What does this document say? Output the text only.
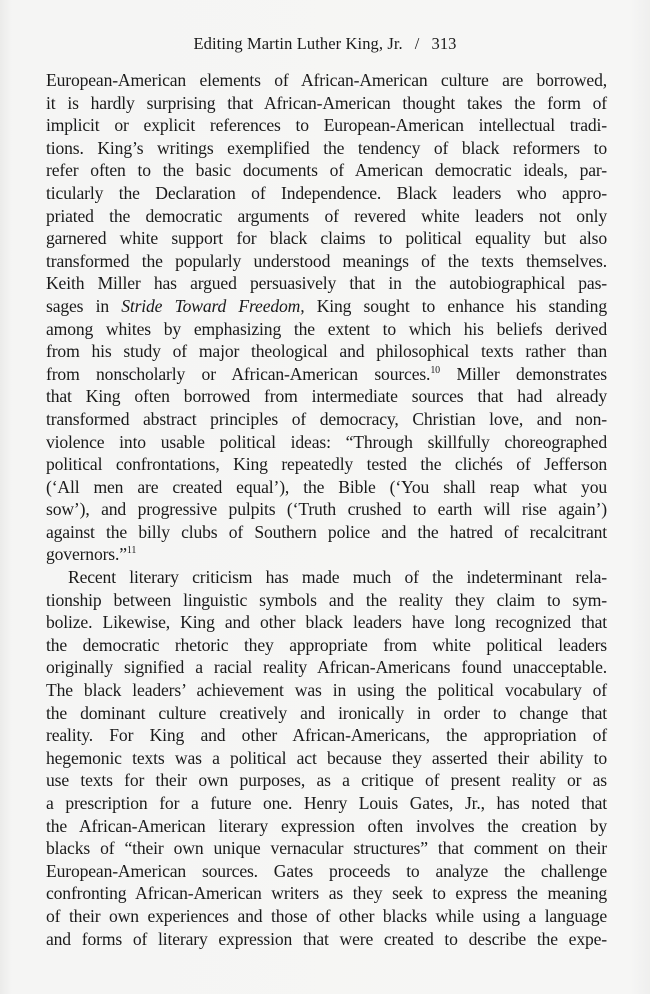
Editing Martin Luther King, Jr. / 313
European-American elements of African-American culture are borrowed,
it is hardly surprising that African-American thought takes the form of
implicit or explicit references to European-American intellectual tradi-
tions. King’s writings exemplified the tendency of black reformers to
refer often to the basic documents of American democratic ideals, par-
ticularly the Declaration of Independence. Black leaders who appro-
priated the democratic arguments of revered white leaders not only
garnered white support for black claims to political equality but also
transformed the popularly understood meanings of the texts themselves.
Keith Miller has argued persuasively that in the autobiographical pas-
sages in Stride Toward Freedom, King sought to enhance his standing
among whites by emphasizing the extent to which his beliefs derived
from his study of major theological and philosophical texts rather than
from nonscholarly or African-American sources.$^{10}$ Miller demonstrates
that King often borrowed from intermediate sources that had already
transformed abstract principles of democracy, Christian love, and non-
violence into usable political ideas: “Through skillfully choreographed
political confrontations, King repeatedly tested the clichés of Jefferson
(‘All men are created equal’), the Bible (‘You shall reap what you
sow’), and progressive pulpits (‘Truth crushed to earth will rise again’)
against the billy clubs of Southern police and the hatred of recalcitrant
governors.”$^{11}$
Recent literary criticism has made much of the indeterminant rela-
tionship between linguistic symbols and the reality they claim to sym-
bolize. Likewise, King and other black leaders have long recognized that
the democratic rhetoric they appropriate from white political leaders
originally signified a racial reality African-Americans found unacceptable.
The black leaders’ achievement was in using the political vocabulary of
the dominant culture creatively and ironically in order to change that
reality. For King and other African-Americans, the appropriation of
hegemonic texts was a political act because they asserted their ability to
use texts for their own purposes, as a critique of present reality or as
a prescription for a future one. Henry Louis Gates, Jr., has noted that
the African-American literary expression often involves the creation by
blacks of “their own unique vernacular structures” that comment on their
European-American sources. Gates proceeds to analyze the challenge
confronting African-American writers as they seek to express the meaning
of their own experiences and those of other blacks while using a language
and forms of literary expression that were created to describe the expe-
